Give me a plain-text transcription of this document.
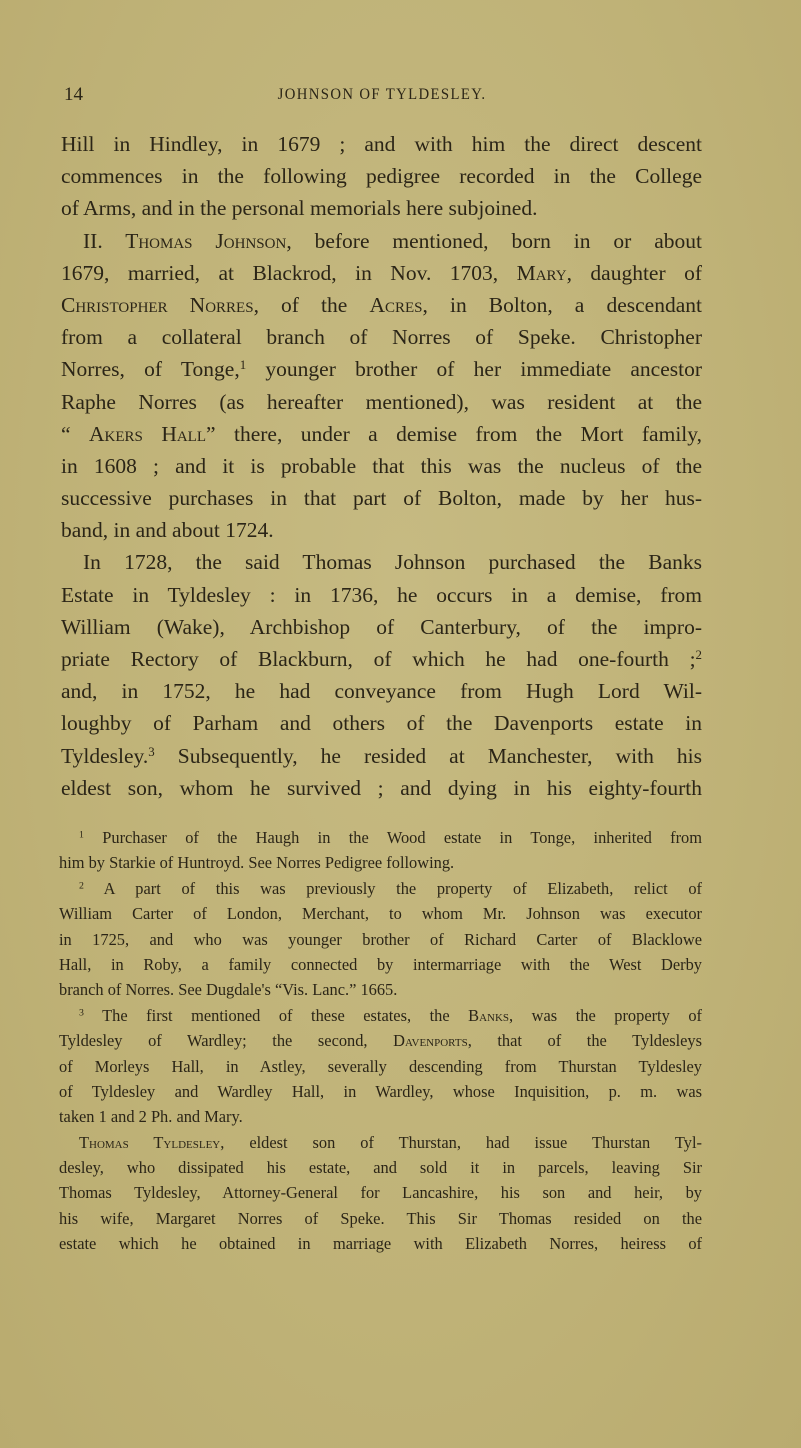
14	JOHNSON OF TYLDESLEY.
Hill in Hindley, in 1679 ; and with him the direct descent
commences in the following pedigree recorded in the College
of Arms, and in the personal memorials here subjoined.
II. Thomas Johnson, before mentioned, born in or about
1679, married, at Blackrod, in Nov. 1703, Mary, daughter of
Christopher Norres, of the Acres, in Bolton, a descendant
from a collateral branch of Norres of Speke. Christopher
Norres, of Tonge,$^1$ younger brother of her immediate ancestor
Raphe Norres (as hereafter mentioned), was resident at the
“ Akers Hall” there, under a demise from the Mort family,
in 1608 ; and it is probable that this was the nucleus of the
successive purchases in that part of Bolton, made by her hus-
band, in and about 1724.
In 1728, the said Thomas Johnson purchased the Banks
Estate in Tyldesley : in 1736, he occurs in a demise, from
William (Wake), Archbishop of Canterbury, of the impro-
priate Rectory of Blackburn, of which he had one-fourth ;$^2$
and, in 1752, he had conveyance from Hugh Lord Wil-
loughby of Parham and others of the Davenports estate in
Tyldesley.$^3$ Subsequently, he resided at Manchester, with his
eldest son, whom he survived ; and dying in his eighty-fourth
$^1$ Purchaser of the Haugh in the Wood estate in Tonge, inherited from
him by Starkie of Huntroyd. See Norres Pedigree following.
$^2$ A part of this was previously the property of Elizabeth, relict of
William Carter of London, Merchant, to whom Mr. Johnson was executor
in 1725, and who was younger brother of Richard Carter of Blacklowe
Hall, in Roby, a family connected by intermarriage with the West Derby
branch of Norres. See Dugdale's “Vis. Lanc.” 1665.
$^3$ The first mentioned of these estates, the Banks, was the property of
Tyldesley of Wardley; the second, Davenports, that of the Tyldesleys
of Morleys Hall, in Astley, severally descending from Thurstan Tyldesley
of Tyldesley and Wardley Hall, in Wardley, whose Inquisition, p. m. was
taken 1 and 2 Ph. and Mary.
Thomas Tyldesley, eldest son of Thurstan, had issue Thurstan Tyl-
desley, who dissipated his estate, and sold it in parcels, leaving Sir
Thomas Tyldesley, Attorney-General for Lancashire, his son and heir, by
his wife, Margaret Norres of Speke. This Sir Thomas resided on the
estate which he obtained in marriage with Elizabeth Norres, heiress of
